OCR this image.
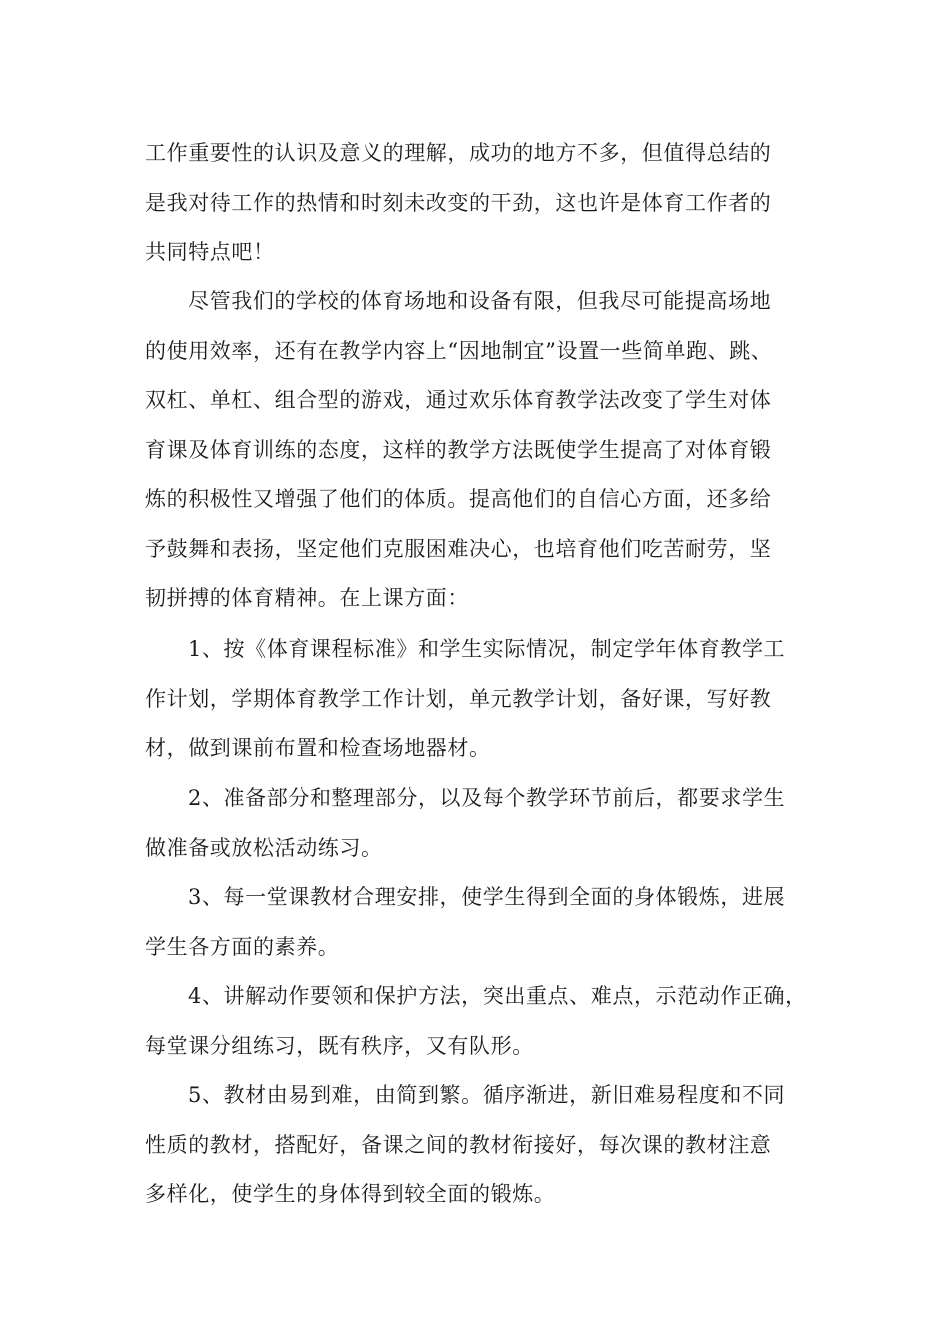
工作重要性的认识及意义的理解，成功的地方不多，但值得总结的
是我对待工作的热情和时刻未改变的干劲，这也许是体育工作者的
共同特点吧！
尽管我们的学校的体育场地和设备有限，但我尽可能提高场地
的使用效率，还有在教学内容上“因地制宜”设置一些简单跑、跳、
双杠、单杠、组合型的游戏，通过欢乐体育教学法改变了学生对体
育课及体育训练的态度，这样的教学方法既使学生提高了对体育锻
炼的积极性又增强了他们的体质。提高他们的自信心方面，还多给
予鼓舞和表扬，坚定他们克服困难决心，也培育他们吃苦耐劳，坚
韧拼搏的体育精神。在上课方面：
1、按《体育课程标准》和学生实际情况，制定学年体育教学工
作计划，学期体育教学工作计划，单元教学计划，备好课，写好教
材，做到课前布置和检查场地器材。
2、准备部分和整理部分，以及每个教学环节前后，都要求学生
做准备或放松活动练习。
3、每一堂课教材合理安排，使学生得到全面的身体锻炼，进展
学生各方面的素养。
4、讲解动作要领和保护方法，突出重点、难点，示范动作正确，
每堂课分组练习，既有秩序，又有队形。
5、教材由易到难，由简到繁。循序渐进，新旧难易程度和不同
性质的教材，搭配好，备课之间的教材衔接好，每次课的教材注意
多样化，使学生的身体得到较全面的锻炼。
